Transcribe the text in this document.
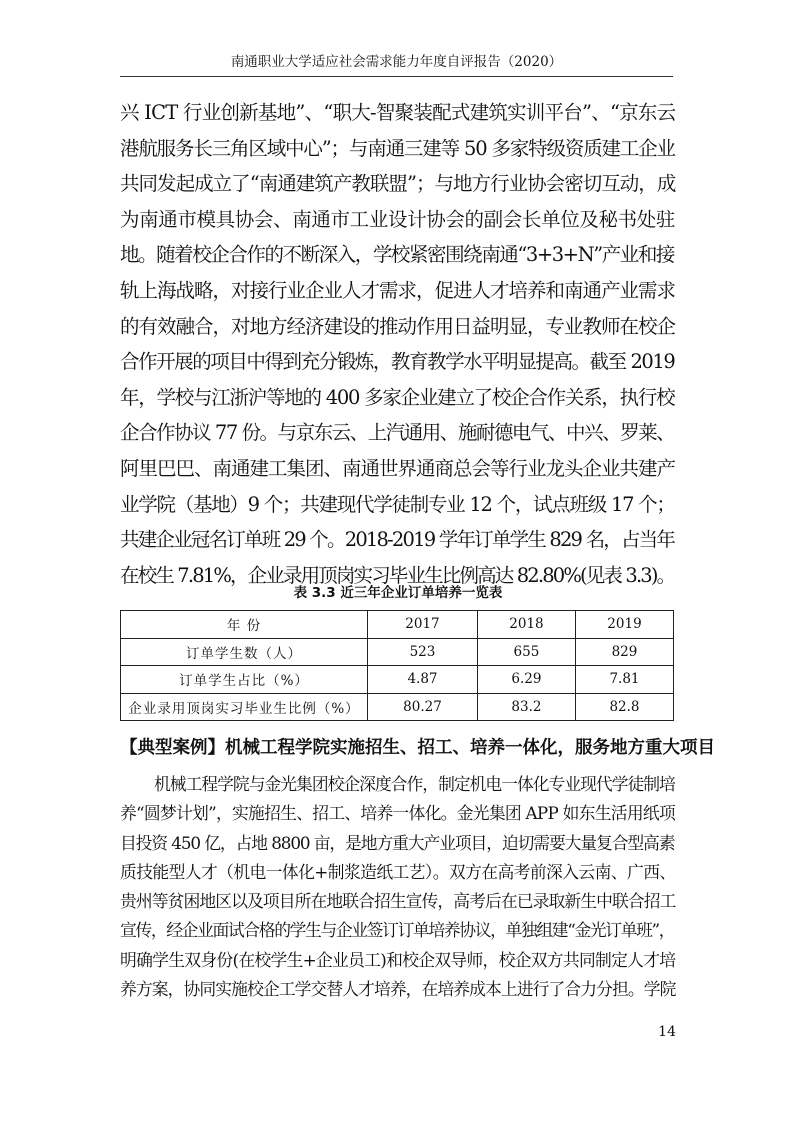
南通职业大学适应社会需求能力年度自评报告（2020）
兴 ICT 行业创新基地”、“职大-智聚装配式建筑实训平台”、“京东云
港航服务长三角区域中心”；与南通三建等 50 多家特级资质建工企业
共同发起成立了“南通建筑产教联盟”；与地方行业协会密切互动，成
为南通市模具协会、南通市工业设计协会的副会长单位及秘书处驻
地。随着校企合作的不断深入，学校紧密围绕南通“3+3+N”产业和接
轨上海战略，对接行业企业人才需求，促进人才培养和南通产业需求
的有效融合，对地方经济建设的推动作用日益明显，专业教师在校企
合作开展的项目中得到充分锻炼，教育教学水平明显提高。截至 2019
年，学校与江浙沪等地的 400 多家企业建立了校企合作关系，执行校
企合作协议 77 份。与京东云、上汽通用、施耐德电气、中兴、罗莱、
阿里巴巴、南通建工集团、南通世界通商总会等行业龙头企业共建产
业学院（基地）9 个；共建现代学徒制专业 12 个，试点班级 17 个；
共建企业冠名订单班 29 个。2018-2019 学年订单学生 829 名，占当年
在校生 7.81%，企业录用顶岗实习毕业生比例高达 82.80%(见表 3.3)。
表 3.3 近三年企业订单培养一览表
年 份	2017	2018	2019
订单学生数（人）	523	655	829
订单学生占比（%）	4.87	6.29	7.81
企业录用顶岗实习毕业生比例（%）	80.27	83.2	82.8
【典型案例】机械工程学院实施招生、招工、培养一体化，服务地方重大项目
机械工程学院与金光集团校企深度合作，制定机电一体化专业现代学徒制培
养“圆梦计划”，实施招生、招工、培养一体化。金光集团 APP 如东生活用纸项
目投资 450 亿，占地 8800 亩，是地方重大产业项目，迫切需要大量复合型高素
质技能型人才（机电一体化+制浆造纸工艺）。双方在高考前深入云南、广西、
贵州等贫困地区以及项目所在地联合招生宣传，高考后在已录取新生中联合招工
宣传，经企业面试合格的学生与企业签订订单培养协议，单独组建“金光订单班”，
明确学生双身份(在校学生+企业员工)和校企双导师，校企双方共同制定人才培
养方案，协同实施校企工学交替人才培养，在培养成本上进行了合力分担。学院
14
